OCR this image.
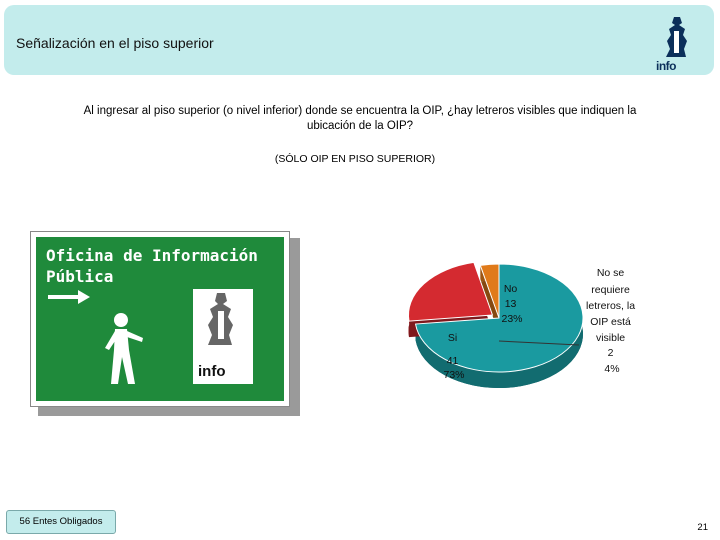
Señalización en el piso superior
info
Al ingresar al piso superior (o nivel inferior) donde se encuentra la OIP, ¿hay letreros visibles que indiquen la ubicación de la OIP?
(SÓLO OIP EN PISO SUPERIOR)
Oficina de Información
Pública
info
Si 41 73%
No 13 23%
No se requiere letreros, la OIP está visible 2 4%
56 Entes Obligados
21
